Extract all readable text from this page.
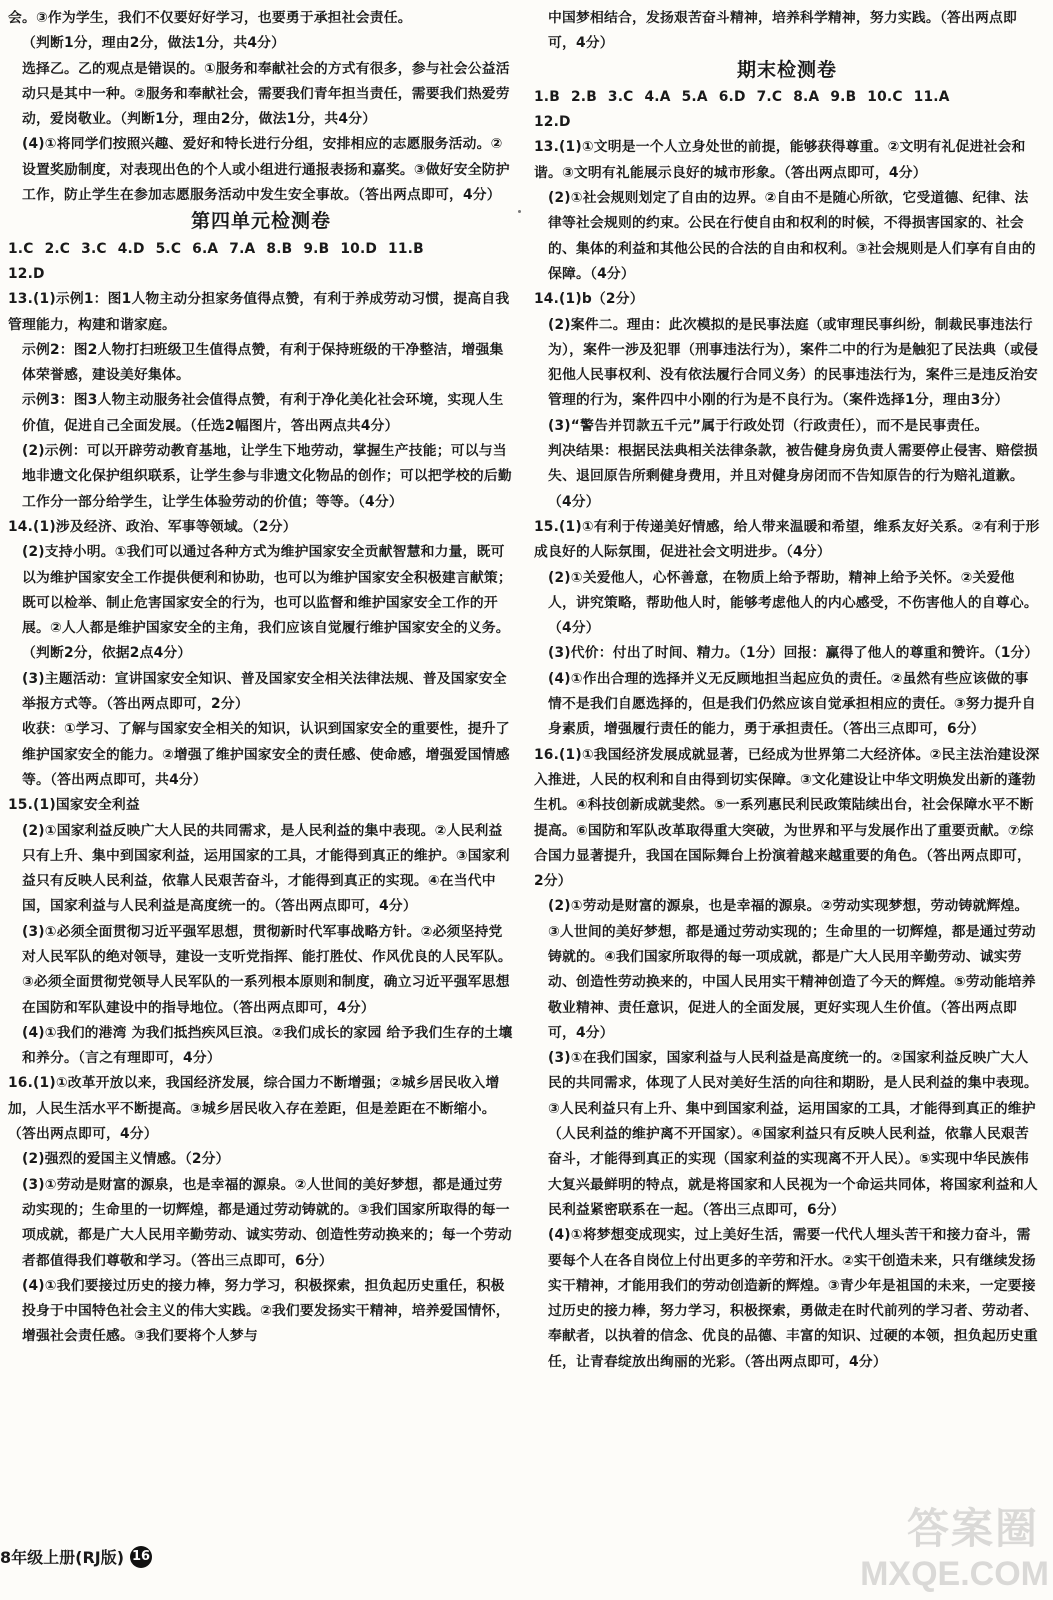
会。③作为学生，我们不仅要好好学习，也要勇于承担社会责任。

（判断1分，理由2分，做法1分，共4分）

选择乙。乙的观点是错误的。①服务和奉献社会的方式有很多，参与社会公益活动只是其中一种。②服务和奉献社会，需要我们青年担当责任，需要我们热爱劳动，爱岗敬业。（判断1分，理由2分，做法1分，共4分）

(4)①将同学们按照兴趣、爱好和特长进行分组，安排相应的志愿服务活动。②设置奖励制度，对表现出色的个人或小组进行通报表扬和嘉奖。③做好安全防护工作，防止学生在参加志愿服务活动中发生安全事故。（答出两点即可，4分）

第四单元检测卷

1.C 2.C 3.C 4.D 5.C 6.A 7.A 8.B 9.B 10.D 11.B

12.D

13.(1)示例1：图1人物主动分担家务值得点赞，有利于养成劳动习惯，提高自我管理能力，构建和谐家庭。

示例2：图2人物打扫班级卫生值得点赞，有利于保持班级的干净整洁，增强集体荣誉感，建设美好集体。

示例3：图3人物主动服务社会值得点赞，有利于净化美化社会环境，实现人生价值，促进自己全面发展。（任选2幅图片，答出两点共4分）

(2)示例：可以开辟劳动教育基地，让学生下地劳动，掌握生产技能；可以与当地非遗文化保护组织联系，让学生参与非遗文化物品的创作；可以把学校的后勤工作分一部分给学生，让学生体验劳动的价值；等等。（4分）

14.(1)涉及经济、政治、军事等领域。（2分）

(2)支持小明。①我们可以通过各种方式为维护国家安全贡献智慧和力量，既可以为维护国家安全工作提供便利和协助，也可以为维护国家安全积极建言献策；既可以检举、制止危害国家安全的行为，也可以监督和维护国家安全工作的开展。②人人都是维护国家安全的主角，我们应该自觉履行维护国家安全的义务。（判断2分，依据2点4分）

(3)主题活动：宣讲国家安全知识、普及国家安全相关法律法规、普及国家安全举报方式等。（答出两点即可，2分）

收获：①学习、了解与国家安全相关的知识，认识到国家安全的重要性，提升了维护国家安全的能力。②增强了维护国家安全的责任感、使命感，增强爱国情感等。（答出两点即可，共4分）

15.(1)国家安全利益

(2)①国家利益反映广大人民的共同需求，是人民利益的集中表现。②人民利益只有上升、集中到国家利益，运用国家的工具，才能得到真正的维护。③国家利益只有反映人民利益，依靠人民艰苦奋斗，才能得到真正的实现。④在当代中国，国家利益与人民利益是高度统一的。（答出两点即可，4分）

(3)①必须全面贯彻习近平强军思想，贯彻新时代军事战略方针。②必须坚持党对人民军队的绝对领导，建设一支听党指挥、能打胜仗、作风优良的人民军队。③必须全面贯彻党领导人民军队的一系列根本原则和制度，确立习近平强军思想在国防和军队建设中的指导地位。（答出两点即可，4分）

(4)①我们的港湾 为我们抵挡疾风巨浪。②我们成长的家园 给予我们生存的土壤和养分。（言之有理即可，4分）

16.(1)①改革开放以来，我国经济发展，综合国力不断增强；②城乡居民收入增加，人民生活水平不断提高。③城乡居民收入存在差距，但是差距在不断缩小。（答出两点即可，4分）

(2)强烈的爱国主义情感。（2分）

(3)①劳动是财富的源泉，也是幸福的源泉。②人世间的美好梦想，都是通过劳动实现的；生命里的一切辉煌，都是通过劳动铸就的。③我们国家所取得的每一项成就，都是广大人民用辛勤劳动、诚实劳动、创造性劳动换来的；每一个劳动者都值得我们尊敬和学习。（答出三点即可，6分）

(4)①我们要接过历史的接力棒，努力学习，积极探索，担负起历史重任，积极投身于中国特色社会主义的伟大实践。②我们要发扬实干精神，培养爱国情怀，增强社会责任感。③我们要将个人梦与

中国梦相结合，发扬艰苦奋斗精神，培养科学精神，努力实践。（答出两点即可，4分）

期末检测卷

1.B 2.B 3.C 4.A 5.A 6.D 7.C 8.A 9.B 10.C 11.A

12.D

13.(1)①文明是一个人立身处世的前提，能够获得尊重。②文明有礼促进社会和谐。③文明有礼能展示良好的城市形象。（答出两点即可，4分）

(2)①社会规则划定了自由的边界。②自由不是随心所欲，它受道德、纪律、法律等社会规则的约束。公民在行使自由和权利的时候，不得损害国家的、社会的、集体的利益和其他公民的合法的自由和权利。③社会规则是人们享有自由的保障。（4分）

14.(1)b（2分）

(2)案件二。理由：此次模拟的是民事法庭（或审理民事纠纷，制裁民事违法行为），案件一涉及犯罪（刑事违法行为），案件二中的行为是触犯了民法典（或侵犯他人民事权利、没有依法履行合同义务）的民事违法行为，案件三是违反治安管理的行为，案件四中小刚的行为是不良行为。（案件选择1分，理由3分）

(3)“警告并罚款五千元”属于行政处罚（行政责任），而不是民事责任。

判决结果：根据民法典相关法律条款，被告健身房负责人需要停止侵害、赔偿损失、退回原告所剩健身费用，并且对健身房闭而不告知原告的行为赔礼道歉。（4分）

15.(1)①有利于传递美好情感，给人带来温暖和希望，维系友好关系。②有利于形成良好的人际氛围，促进社会文明进步。（4分）

(2)①关爱他人，心怀善意，在物质上给予帮助，精神上给予关怀。②关爱他人，讲究策略，帮助他人时，能够考虑他人的内心感受，不伤害他人的自尊心。（4分）

(3)代价：付出了时间、精力。（1分）回报：赢得了他人的尊重和赞许。（1分）

(4)①作出合理的选择并义无反顾地担当起应负的责任。②虽然有些应该做的事情不是我们自愿选择的，但是我们仍然应该自觉承担相应的责任。③努力提升自身素质，增强履行责任的能力，勇于承担责任。（答出三点即可，6分）

16.(1)①我国经济发展成就显著，已经成为世界第二大经济体。②民主法治建设深入推进，人民的权利和自由得到切实保障。③文化建设让中华文明焕发出新的蓬勃生机。④科技创新成就斐然。⑤一系列惠民利民政策陆续出台，社会保障水平不断提高。⑥国防和军队改革取得重大突破，为世界和平与发展作出了重要贡献。⑦综合国力显著提升，我国在国际舞台上扮演着越来越重要的角色。（答出两点即可，2分）

(2)①劳动是财富的源泉，也是幸福的源泉。②劳动实现梦想，劳动铸就辉煌。③人世间的美好梦想，都是通过劳动实现的；生命里的一切辉煌，都是通过劳动铸就的。④我们国家所取得的每一项成就，都是广大人民用辛勤劳动、诚实劳动、创造性劳动换来的，中国人民用实干精神创造了今天的辉煌。⑤劳动能培养敬业精神、责任意识，促进人的全面发展，更好实现人生价值。（答出两点即可，4分）

(3)①在我们国家，国家利益与人民利益是高度统一的。②国家利益反映广大人民的共同需求，体现了人民对美好生活的向往和期盼，是人民利益的集中表现。③人民利益只有上升、集中到国家利益，运用国家的工具，才能得到真正的维护（人民利益的维护离不开国家）。④国家利益只有反映人民利益，依靠人民艰苦奋斗，才能得到真正的实现（国家利益的实现离不开人民）。⑤实现中华民族伟大复兴最鲜明的特点，就是将国家和人民视为一个命运共同体，将国家利益和人民利益紧密联系在一起。（答出三点即可，6分）

(4)①将梦想变成现实，过上美好生活，需要一代代人埋头苦干和接力奋斗，需要每个人在各自岗位上付出更多的辛劳和汗水。②实干创造未来，只有继续发扬实干精神，才能用我们的劳动创造新的辉煌。③青少年是祖国的未来，一定要接过历史的接力棒，努力学习，积极探索，勇做走在时代前列的学习者、劳动者、奉献者，以执着的信念、优良的品德、丰富的知识、过硬的本领，担负起历史重任，让青春绽放出绚丽的光彩。（答出两点即可，4分）

8年级上册(RJ版) 16
答案圈
MXQE.COM
